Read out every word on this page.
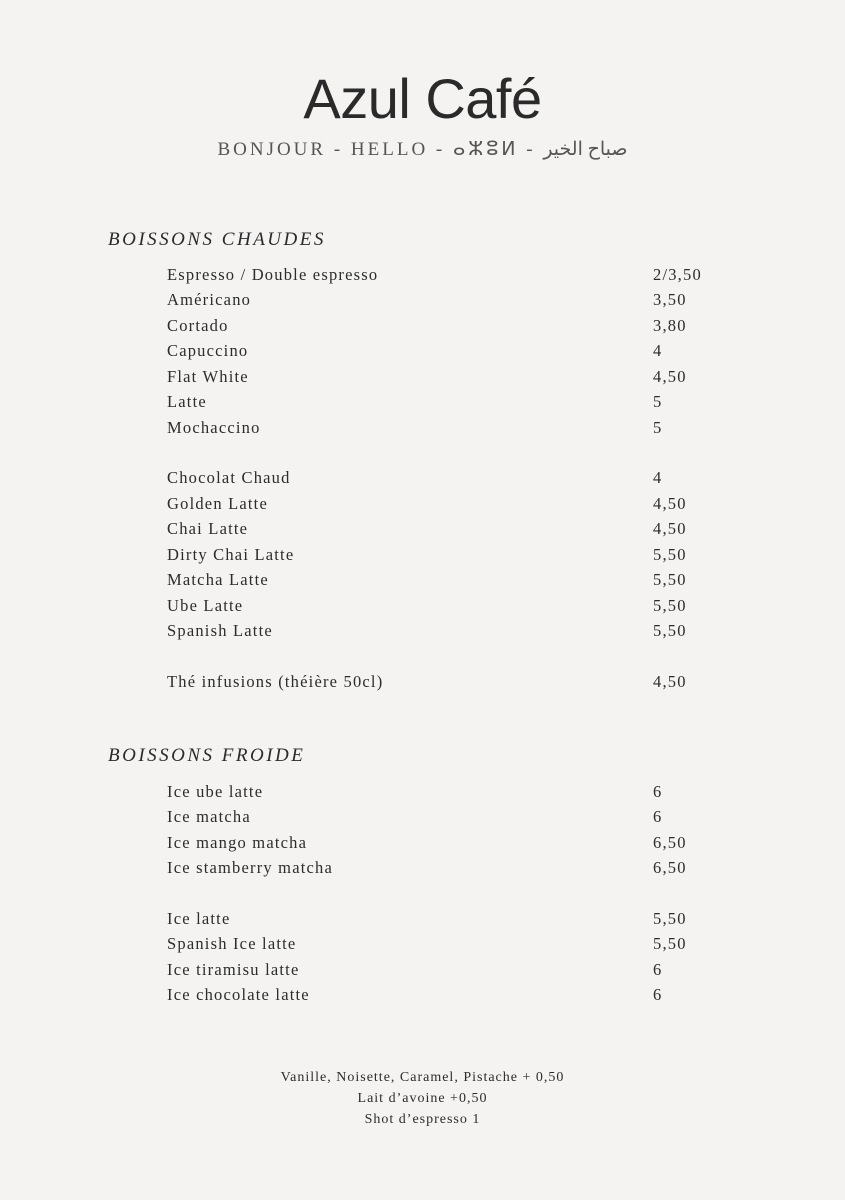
Azul Café
BONJOUR - HELLO - ⴰⵣⵓⵍ - صباح الخير
BOISSONS CHAUDES
Espresso / Double espresso	2/3,50
Américano	3,50
Cortado	3,80
Capuccino	4
Flat White	4,50
Latte	5
Mochaccino	5
Chocolat Chaud	4
Golden Latte	4,50
Chai Latte	4,50
Dirty Chai Latte	5,50
Matcha Latte	5,50
Ube Latte	5,50
Spanish Latte	5,50
Thé infusions (théière 50cl)	4,50
BOISSONS FROIDE
Ice ube latte	6
Ice matcha	6
Ice mango matcha	6,50
Ice stamberry matcha	6,50
Ice latte	5,50
Spanish Ice latte	5,50
Ice tiramisu latte	6
Ice chocolate latte	6
Vanille, Noisette, Caramel, Pistache + 0,50
Lait d’avoine +0,50
Shot d’espresso 1
